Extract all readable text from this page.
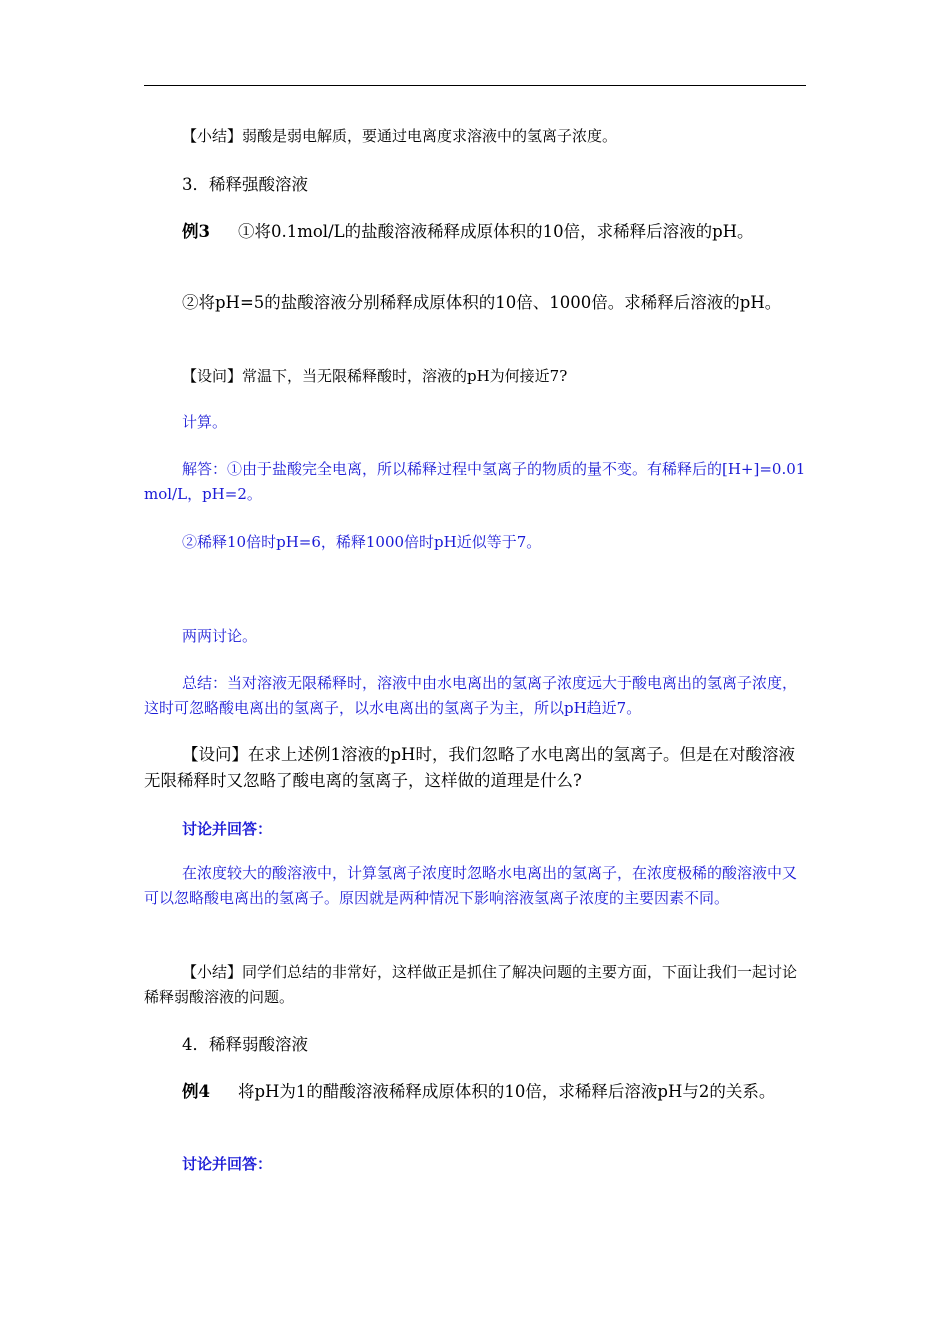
【小结】弱酸是弱电解质，要通过电离度求溶液中的氢离子浓度。

3．稀释强酸溶液

例3 ①将0.1mol/L的盐酸溶液稀释成原体积的10倍，求稀释后溶液的pH。

②将pH=5的盐酸溶液分别稀释成原体积的10倍、1000倍。求稀释后溶液的pH。

【设问】常温下，当无限稀释酸时，溶液的pH为何接近7?

计算。

解答：①由于盐酸完全电离，所以稀释过程中氢离子的物质的量不变。有稀释后的[H+]=0.01 mol/L，pH=2。

②稀释10倍时pH=6，稀释1000倍时pH近似等于7。

两两讨论。

总结：当对溶液无限稀释时，溶液中由水电离出的氢离子浓度远大于酸电离出的氢离子浓度，这时可忽略酸电离出的氢离子，以水电离出的氢离子为主，所以pH趋近7。

【设问】在求上述例1溶液的pH时，我们忽略了水电离出的氢离子。但是在对酸溶液无限稀释时又忽略了酸电离的氢离子，这样做的道理是什么?

讨论并回答：

在浓度较大的酸溶液中，计算氢离子浓度时忽略水电离出的氢离子，在浓度极稀的酸溶液中又可以忽略酸电离出的氢离子。原因就是两种情况下影响溶液氢离子浓度的主要因素不同。

【小结】同学们总结的非常好，这样做正是抓住了解决问题的主要方面，下面让我们一起讨论稀释弱酸溶液的问题。

4．稀释弱酸溶液

例4 将pH为1的醋酸溶液稀释成原体积的10倍，求稀释后溶液pH与2的关系。

讨论并回答：
